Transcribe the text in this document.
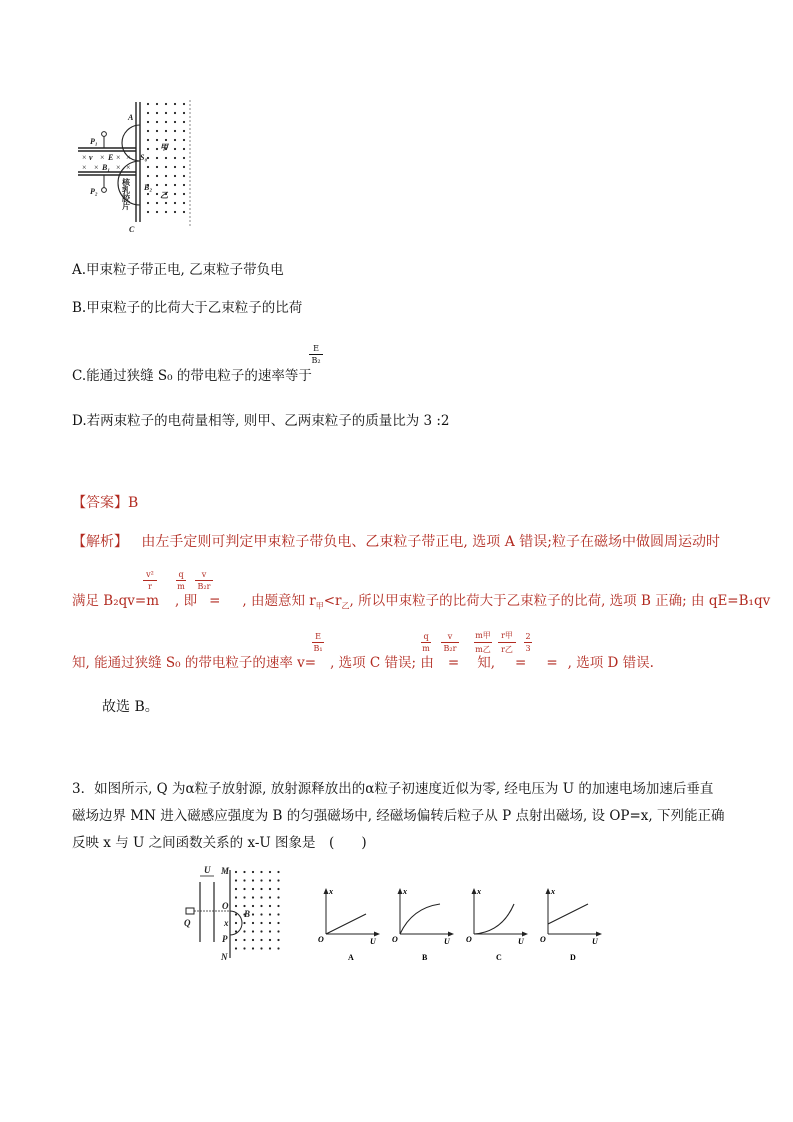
× × × ×
× × × ×
A
C
P₁
P₂
E
B₁
B₂
S₀
v
甲
乙
核乳胶片
A.甲束粒子带正电, 乙束粒子带负电
B.甲束粒子的比荷大于乙束粒子的比荷
C.能通过狭缝 S₀ 的带电粒子的速率等于
E
B₂
D.若两束粒子的电荷量相等, 则甲、乙两束粒子的质量比为 3 :2
【答案】B
【解析】 由左手定则可判定甲束粒子带负电、乙束粒子带正电, 选项 A 错误;粒子在磁场中做圆周运动时
满足 B₂qv=m , 即 = , 由题意知 $r_甲<r_乙$, 所以甲束粒子的比荷大于乙束粒子的比荷, 选项 B 正确; 由 qE=B₁qv
v²
r
q
m
v
B₂r
知, 能通过狭缝 S₀ 的带电粒子的速率 v= , 选项 C 错误; 由 = 知, = = , 选项 D 错误.
E
B₁
q
m
v
B₂r
m甲
m乙
r甲
r乙
2
3
故选 B。
3．如图所示, Q 为α粒子放射源, 放射源释放出的α粒子初速度近似为零, 经电压为 U 的加速电场加速后垂直
磁场边界 MN 进入磁感应强度为 B 的匀强磁场中, 经磁场偏转后粒子从 P 点射出磁场, 设 OP=x, 下列能正确
反映 x 与 U 之间函数关系的 x-U 图象是　(　　)
U M
N
O
P
Q
B
x
x
U
O
A
x
U
O
B
x
U
O
C
x
U
O
D
